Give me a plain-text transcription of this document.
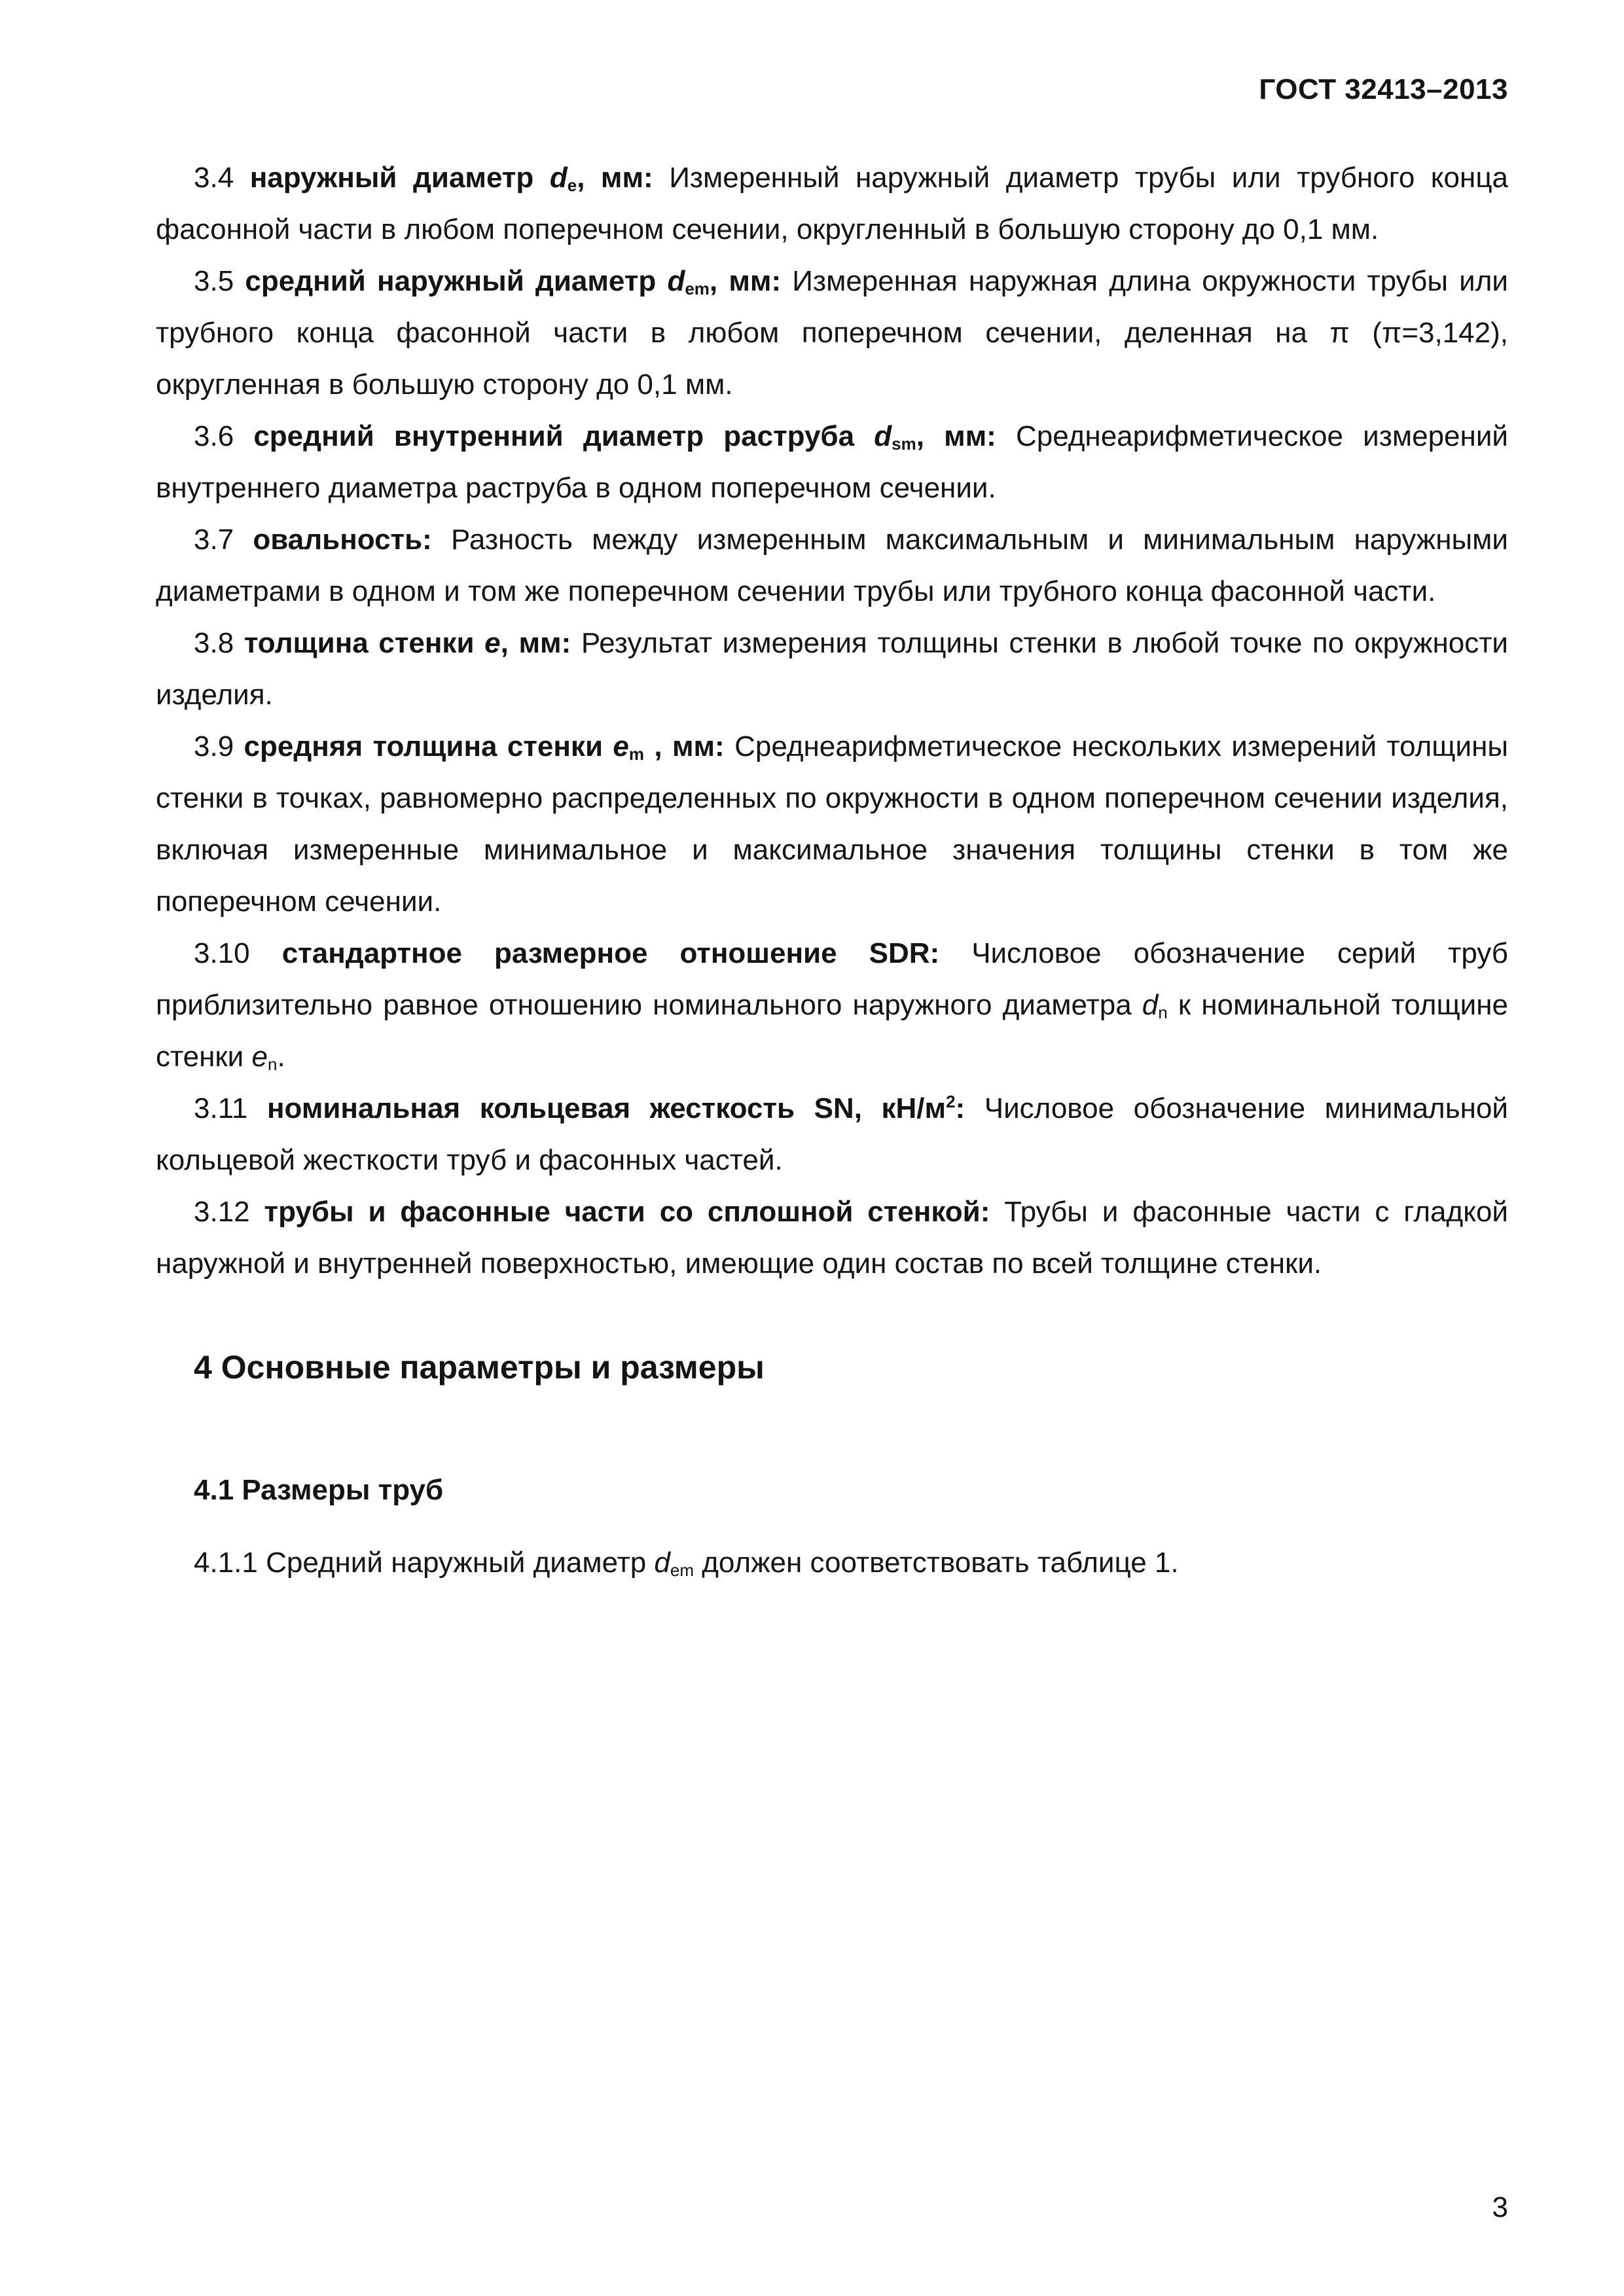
ГОСТ 32413–2013

3.4 наружный диаметр $d_e$, мм: Измеренный наружный диаметр трубы или трубного конца фасонной части в любом поперечном сечении, округленный в большую сторону до 0,1 мм.

3.5 средний наружный диаметр $d_{em}$, мм: Измеренная наружная длина окружности трубы или трубного конца фасонной части в любом поперечном сечении, деленная на π (π=3,142), округленная в большую сторону до 0,1 мм.

3.6 средний внутренний диаметр раструба $d_{sm}$, мм: Среднеарифметическое измерений внутреннего диаметра раструба в одном поперечном сечении.

3.7 овальность: Разность между измеренным максимальным и минимальным наружными диаметрами в одном и том же поперечном сечении трубы или трубного конца фасонной части.

3.8 толщина стенки e, мм: Результат измерения толщины стенки в любой точке по окружности изделия.

3.9 средняя толщина стенки $e_m$ , мм: Среднеарифметическое нескольких измерений толщины стенки в точках, равномерно распределенных по окружности в одном поперечном сечении изделия, включая измеренные минимальное и максимальное значения толщины стенки в том же поперечном сечении.

3.10 стандартное размерное отношение SDR: Числовое обозначение серий труб приблизительно равное отношению номинального наружного диаметра $d_n$ к номинальной толщине стенки $e_n$.

3.11 номинальная кольцевая жесткость SN, $кН/м^2$: Числовое обозначение минимальной кольцевой жесткости труб и фасонных частей.

3.12 трубы и фасонные части со сплошной стенкой: Трубы и фасонные части с гладкой наружной и внутренней поверхностью, имеющие один состав по всей толщине стенки.

4 Основные параметры и размеры
4.1 Размеры труб

4.1.1 Средний наружный диаметр $d_{em}$ должен соответствовать таблице 1.

3
